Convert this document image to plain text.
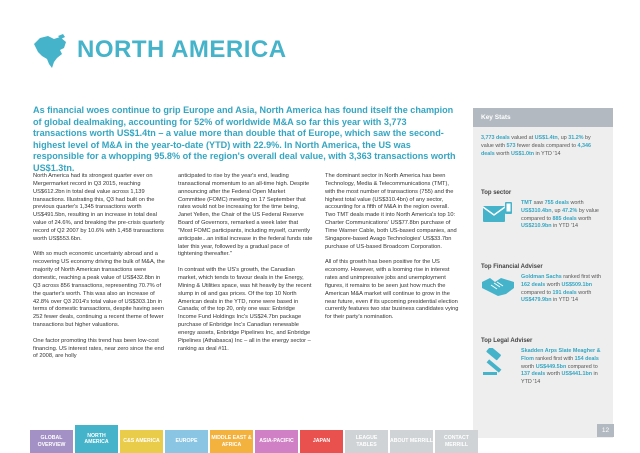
NORTH AMERICA
As financial woes continue to grip Europe and Asia, North America has found itself the champion of global dealmaking, accounting for 52% of worldwide M&A so far this year with 3,773 transactions worth US$1.4tn – a value more than double that of Europe, which saw the second-highest level of M&A in the year-to-date (YTD) with 22.9%. In North America, the US was responsible for a whopping 95.8% of the region's overall deal value, with 3,363 transactions worth US$1.3tn.

North America had its strongest quarter ever on Mergermarket record in Q3 2015, reaching US$612.2bn in total deal value across 1,139 transactions. Illustrating this, Q3 had built on the previous quarter's 1,345 transactions worth US$491.5bn, resulting in an increase in total deal value of 24.6%, and breaking the pre-crisis quarterly record of Q2 2007 by 10.6% with 1,458 transactions worth US$553.6bn.

With so much economic uncertainty abroad and a recovering US economy driving the bulk of M&A, the majority of North American transactions were domestic, reaching a peak value of US$432.8bn in Q3 across 856 transactions, representing 70.7% of the quarter's worth. This was also an increase of 42.8% over Q3 2014's total value of US$303.1bn in terms of domestic transactions, despite having seen 252 fewer deals, continuing a recent theme of fewer transactions but higher valuations.

One factor promoting this trend has been low-cost financing. US interest rates, near zero since the end of 2008, are holly

anticipated to rise by the year's end, leading transactional momentum to an all-time high. Despite announcing after the Federal Open Market Committee (FOMC) meeting on 17 September that rates would not be increasing for the time being, Janet Yellen, the Chair of the US Federal Reserve Board of Governors, remarked a week later that "Most FOMC participants, including myself, currently anticipate...an initial increase in the federal funds rate later this year, followed by a gradual pace of tightening thereafter."

In contrast with the US's growth, the Canadian market, which tends to favour deals in the Energy, Mining & Utilities space, was hit heavily by the recent slump in oil and gas prices. Of the top 10 North American deals in the YTD, none were based in Canada; of the top 20, only one was: Enbridge Income Fund Holdings Inc's US$24.7bn package purchase of Enbridge Inc's Canadian renewable energy assets, Enbridge Pipelines Inc, and Enbridge Pipelines (Athabasca) Inc – all in the energy sector – ranking as deal #11.

The dominant sector in North America has been Technology, Media & Telecommunications (TMT), with the most number of transactions (755) and the highest total value (US$310.4bn) of any sector, accounting for a fifth of M&A in the region overall. Two TMT deals made it into North America's top 10: Charter Communications' US$77.8bn purchase of Time Warner Cable, both US-based companies, and Singapore-based Avago Technologies' US$33.7bn purchase of US-based Broadcom Corporation.

All of this growth has been positive for the US economy. However, with a looming rise in interest rates and unimpressive jobs and unemployment figures, it remains to be seen just how much the American M&A market will continue to grow in the near future, even if its upcoming presidential election currently features two star business candidates vying for their party's nomination.

Key Stats
3,773 deals valued at US$1.4tn, up 31.2% by value with 573 fewer deals compared to 4,346 deals worth US$1.0tn in YTD '14
Top sector
TMT saw 755 deals worth US$310.4bn, up 47.2% by value compared to 885 deals worth US$210.9bn in YTD '14
Top Financial Adviser
Goldman Sachs ranked first with 162 deals worth US$509.1bn compared to 191 deals worth US$479.9bn in YTD '14
Top Legal Adviser
Skadden Arps Slate Meagher & Flom ranked first with 154 deals worth US$449.5bn compared to 137 deals worth US$441.1bn in YTD '14
12
GLOBAL OVERVIEW
NORTH AMERICA	C&S AMERICA	EUROPE
MIDDLE EAST & AFRICA
ASIA-PACIFIC	JAPAN
LEAGUE TABLES
ABOUT MERRILL
CONTACT MERRILL
